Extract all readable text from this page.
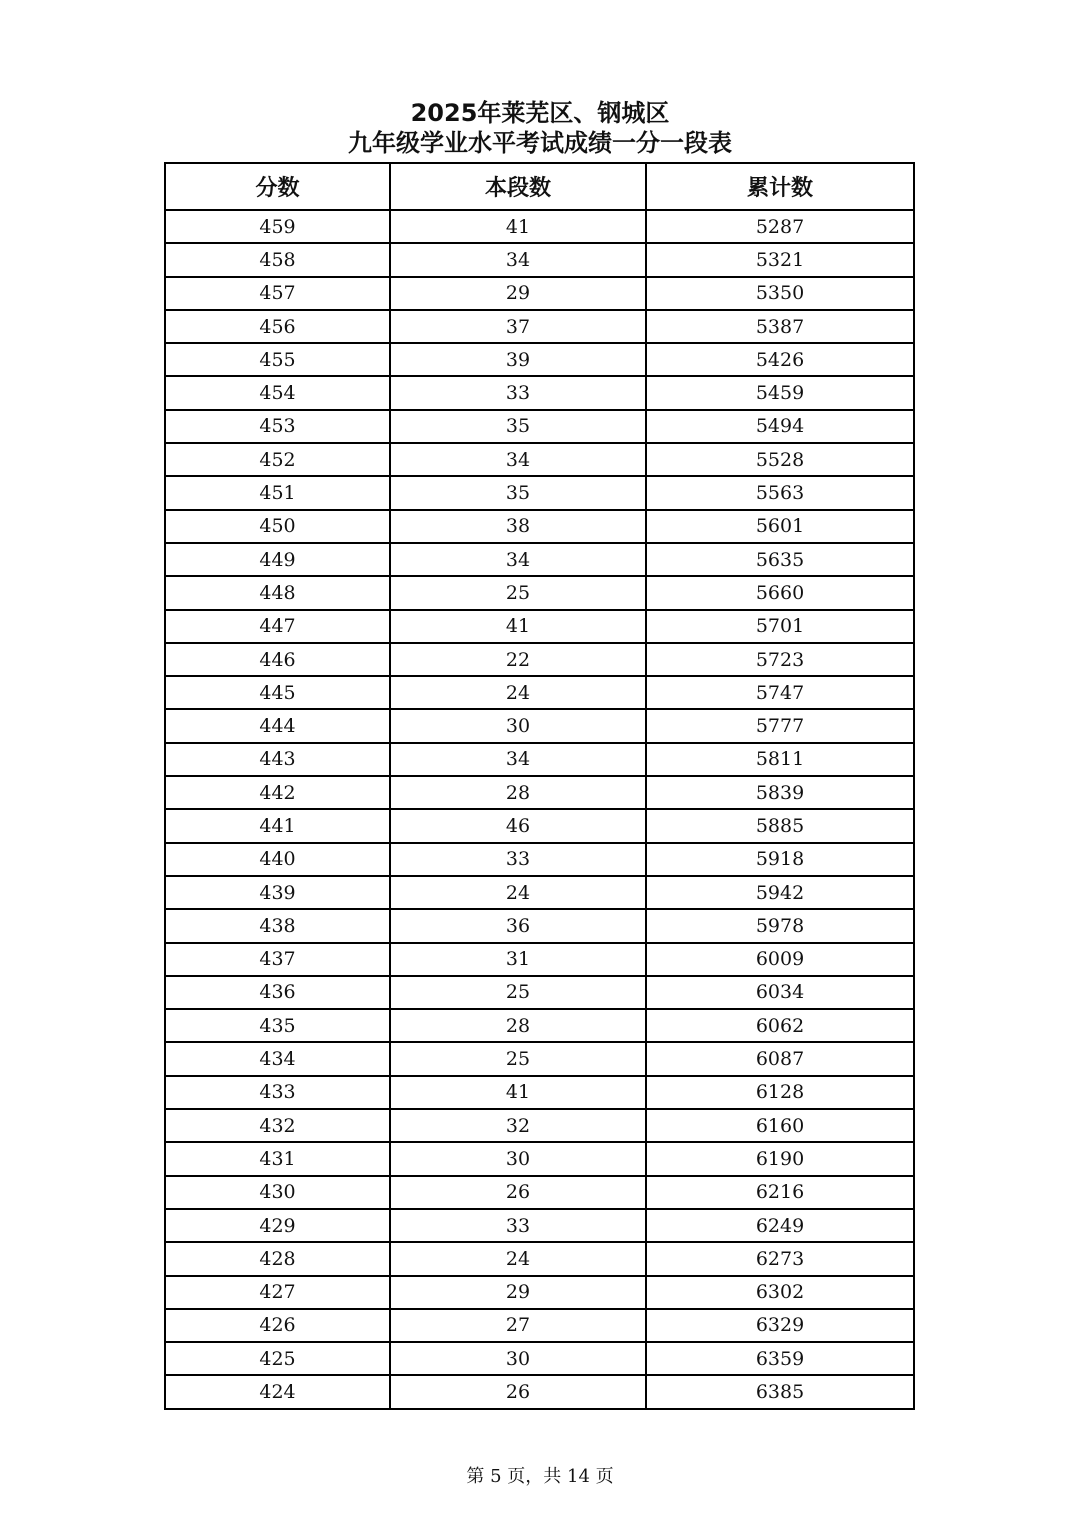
2025年莱芜区、钢城区
九年级学业水平考试成绩一分一段表
分数	本段数	累计数
459	41	5287
458	34	5321
457	29	5350
456	37	5387
455	39	5426
454	33	5459
453	35	5494
452	34	5528
451	35	5563
450	38	5601
449	34	5635
448	25	5660
447	41	5701
446	22	5723
445	24	5747
444	30	5777
443	34	5811
442	28	5839
441	46	5885
440	33	5918
439	24	5942
438	36	5978
437	31	6009
436	25	6034
435	28	6062
434	25	6087
433	41	6128
432	32	6160
431	30	6190
430	26	6216
429	33	6249
428	24	6273
427	29	6302
426	27	6329
425	30	6359
424	26	6385
第 5 页，共 14 页
